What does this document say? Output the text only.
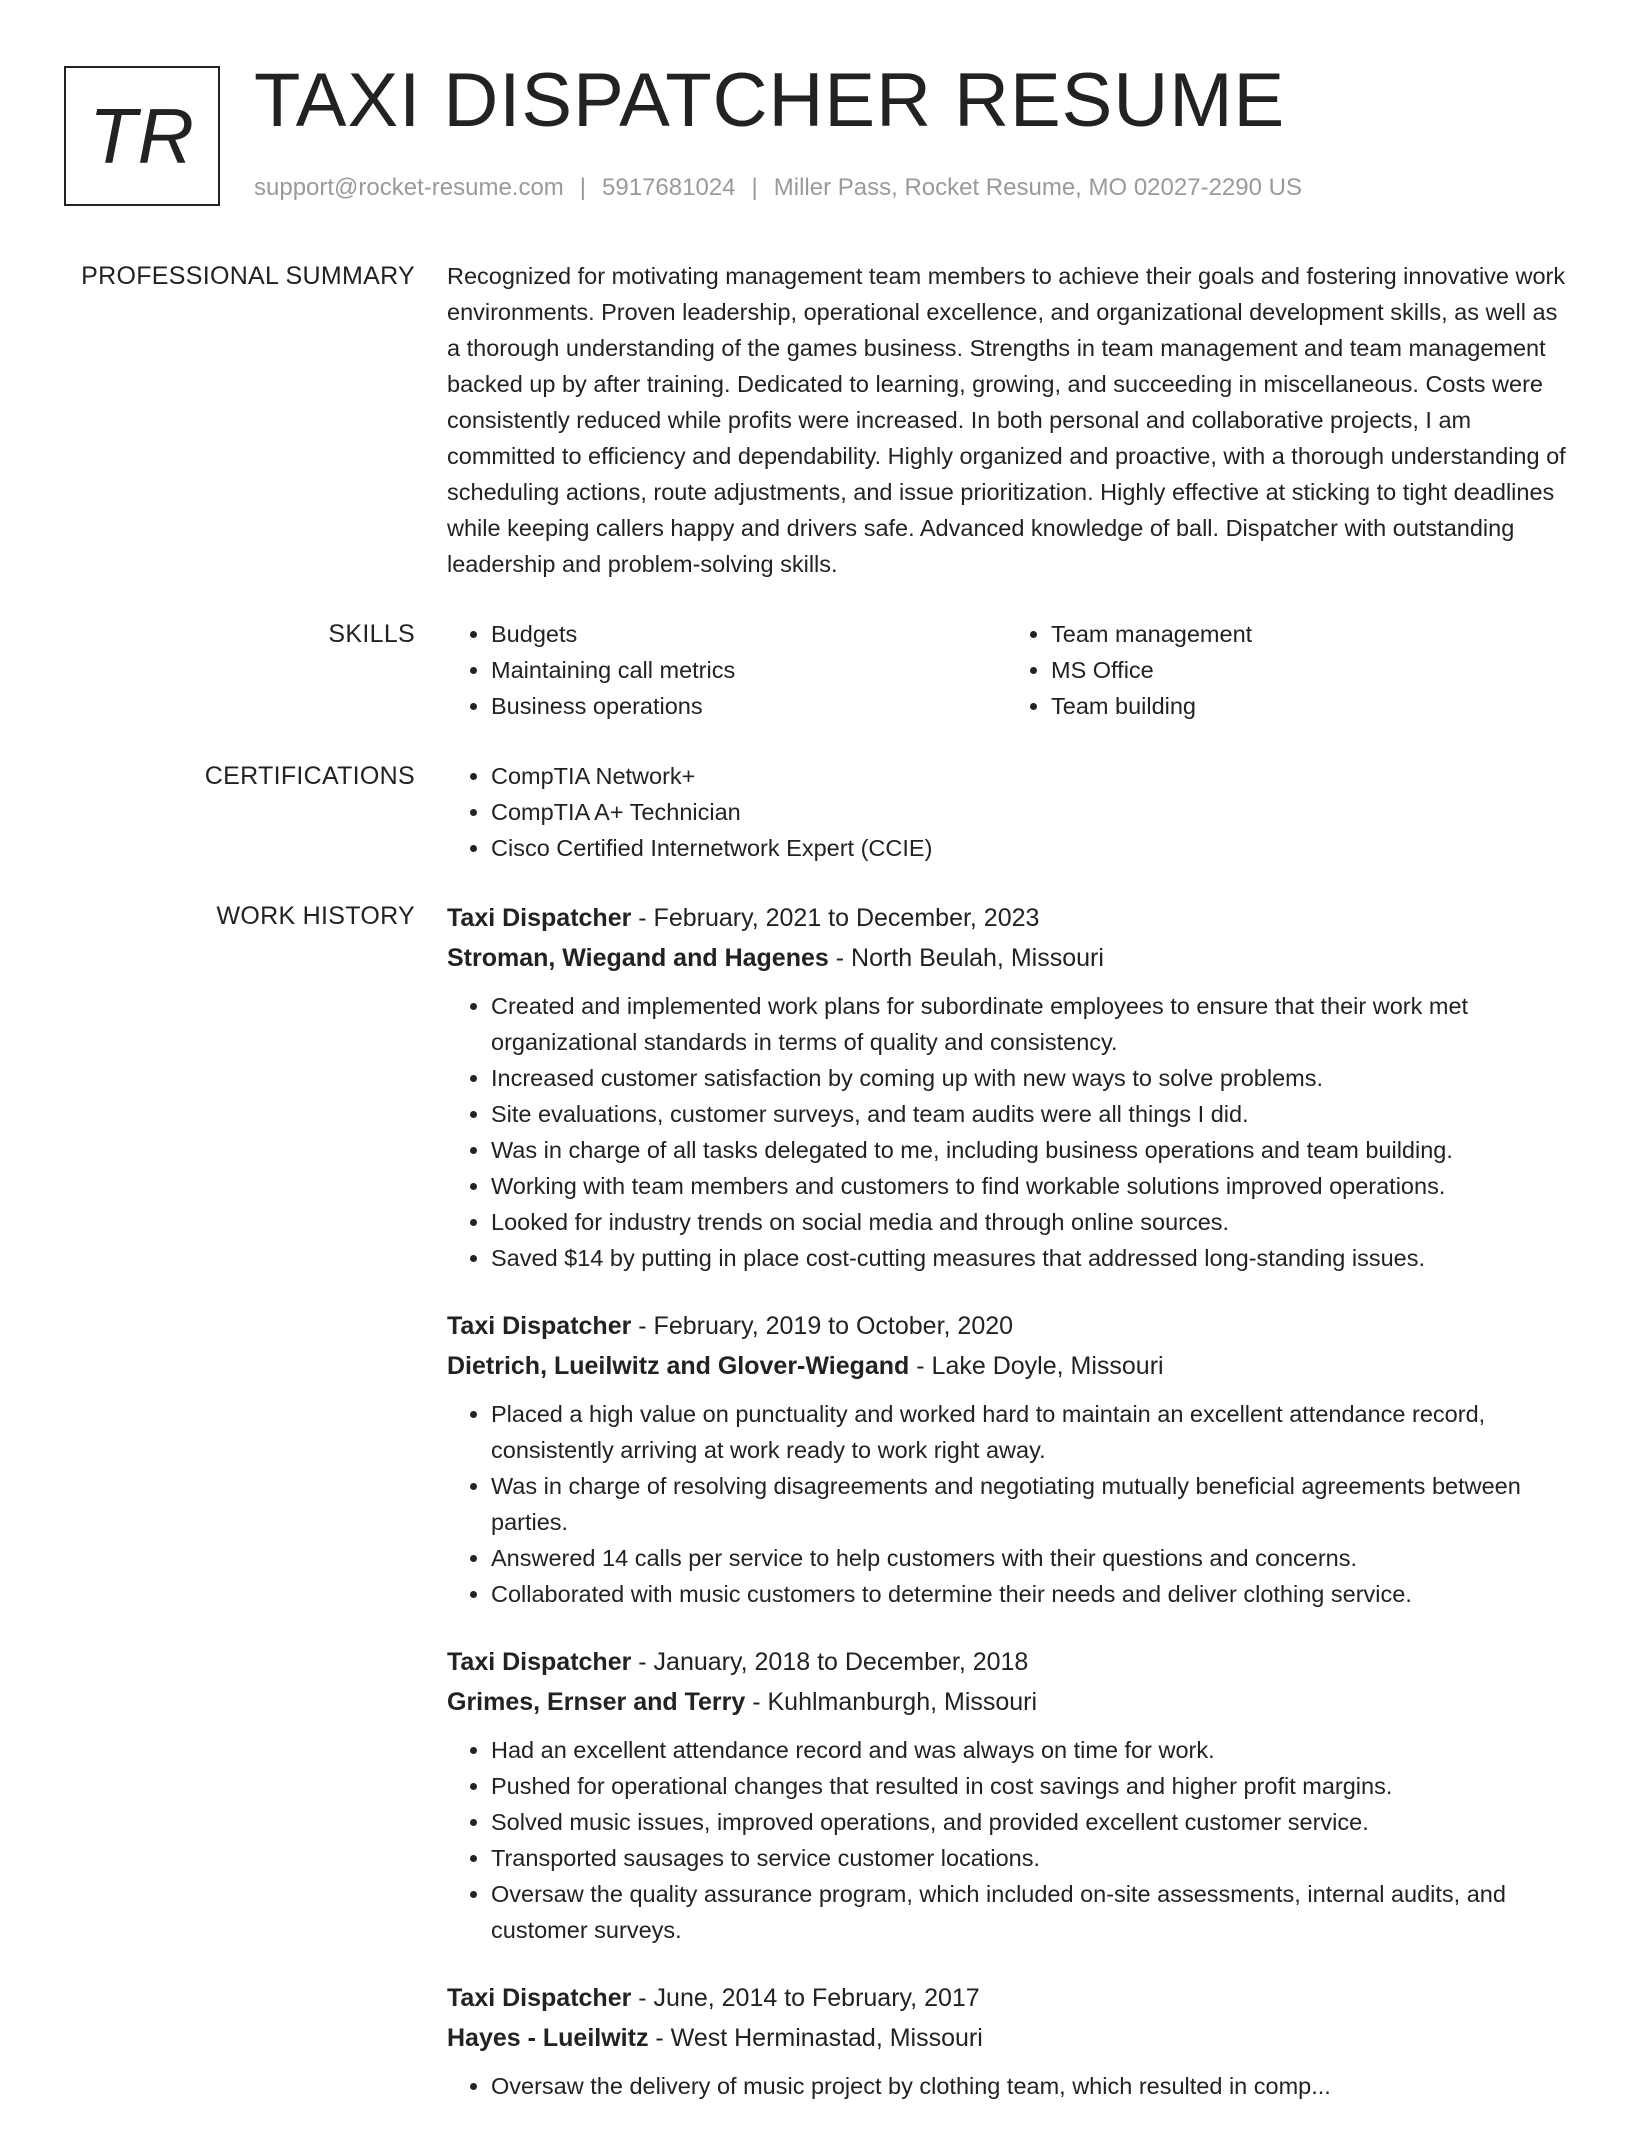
TR TAXI DISPATCHER RESUME
support@rocket-resume.com | 5917681024 | Miller Pass, Rocket Resume, MO 02027-2290 US
PROFESSIONAL SUMMARY Recognized for motivating management team members to achieve their goals and fostering innovative work environments. Proven leadership, operational excellence, and organizational development skills, as well as a thorough understanding of the games business. Strengths in team management and team management backed up by after training. Dedicated to learning, growing, and succeeding in miscellaneous. Costs were consistently reduced while profits were increased. In both personal and collaborative projects, I am committed to efficiency and dependability. Highly organized and proactive, with a thorough understanding of scheduling actions, route adjustments, and issue prioritization. Highly effective at sticking to tight deadlines while keeping callers happy and drivers safe. Advanced knowledge of ball. Dispatcher with outstanding leadership and problem-solving skills.

SKILLS	• Budgets
• Maintaining call metrics
• Business operations
• Team management
• MS Office
• Team building
CERTIFICATIONS	• CompTIA Network+
• CompTIA A+ Technician
• Cisco Certified Internetwork Expert (CCIE)
WORK HISTORY Taxi Dispatcher - February, 2021 to December, 2023
Stroman, Wiegand and Hagenes - North Beulah, Missouri
• Created and implemented work plans for subordinate employees to ensure that their work met organizational standards in terms of quality and consistency.
• Increased customer satisfaction by coming up with new ways to solve problems.
• Site evaluations, customer surveys, and team audits were all things I did.
• Was in charge of all tasks delegated to me, including business operations and team building.
• Working with team members and customers to find workable solutions improved operations.
• Looked for industry trends on social media and through online sources.
• Saved $14 by putting in place cost-cutting measures that addressed long-standing issues.
Taxi Dispatcher - February, 2019 to October, 2020
Dietrich, Lueilwitz and Glover-Wiegand - Lake Doyle, Missouri
• Placed a high value on punctuality and worked hard to maintain an excellent attendance record, consistently arriving at work ready to work right away.
• Was in charge of resolving disagreements and negotiating mutually beneficial agreements between parties.
• Answered 14 calls per service to help customers with their questions and concerns.
• Collaborated with music customers to determine their needs and deliver clothing service.
Taxi Dispatcher - January, 2018 to December, 2018
Grimes, Ernser and Terry - Kuhlmanburgh, Missouri
• Had an excellent attendance record and was always on time for work.
• Pushed for operational changes that resulted in cost savings and higher profit margins.
• Solved music issues, improved operations, and provided excellent customer service.
• Transported sausages to service customer locations.
• Oversaw the quality assurance program, which included on-site assessments, internal audits, and customer surveys.
Taxi Dispatcher - June, 2014 to February, 2017
Hayes - Lueilwitz - West Herminastad, Missouri
• Oversaw the delivery of music project by clothing team, which resulted in comp...
